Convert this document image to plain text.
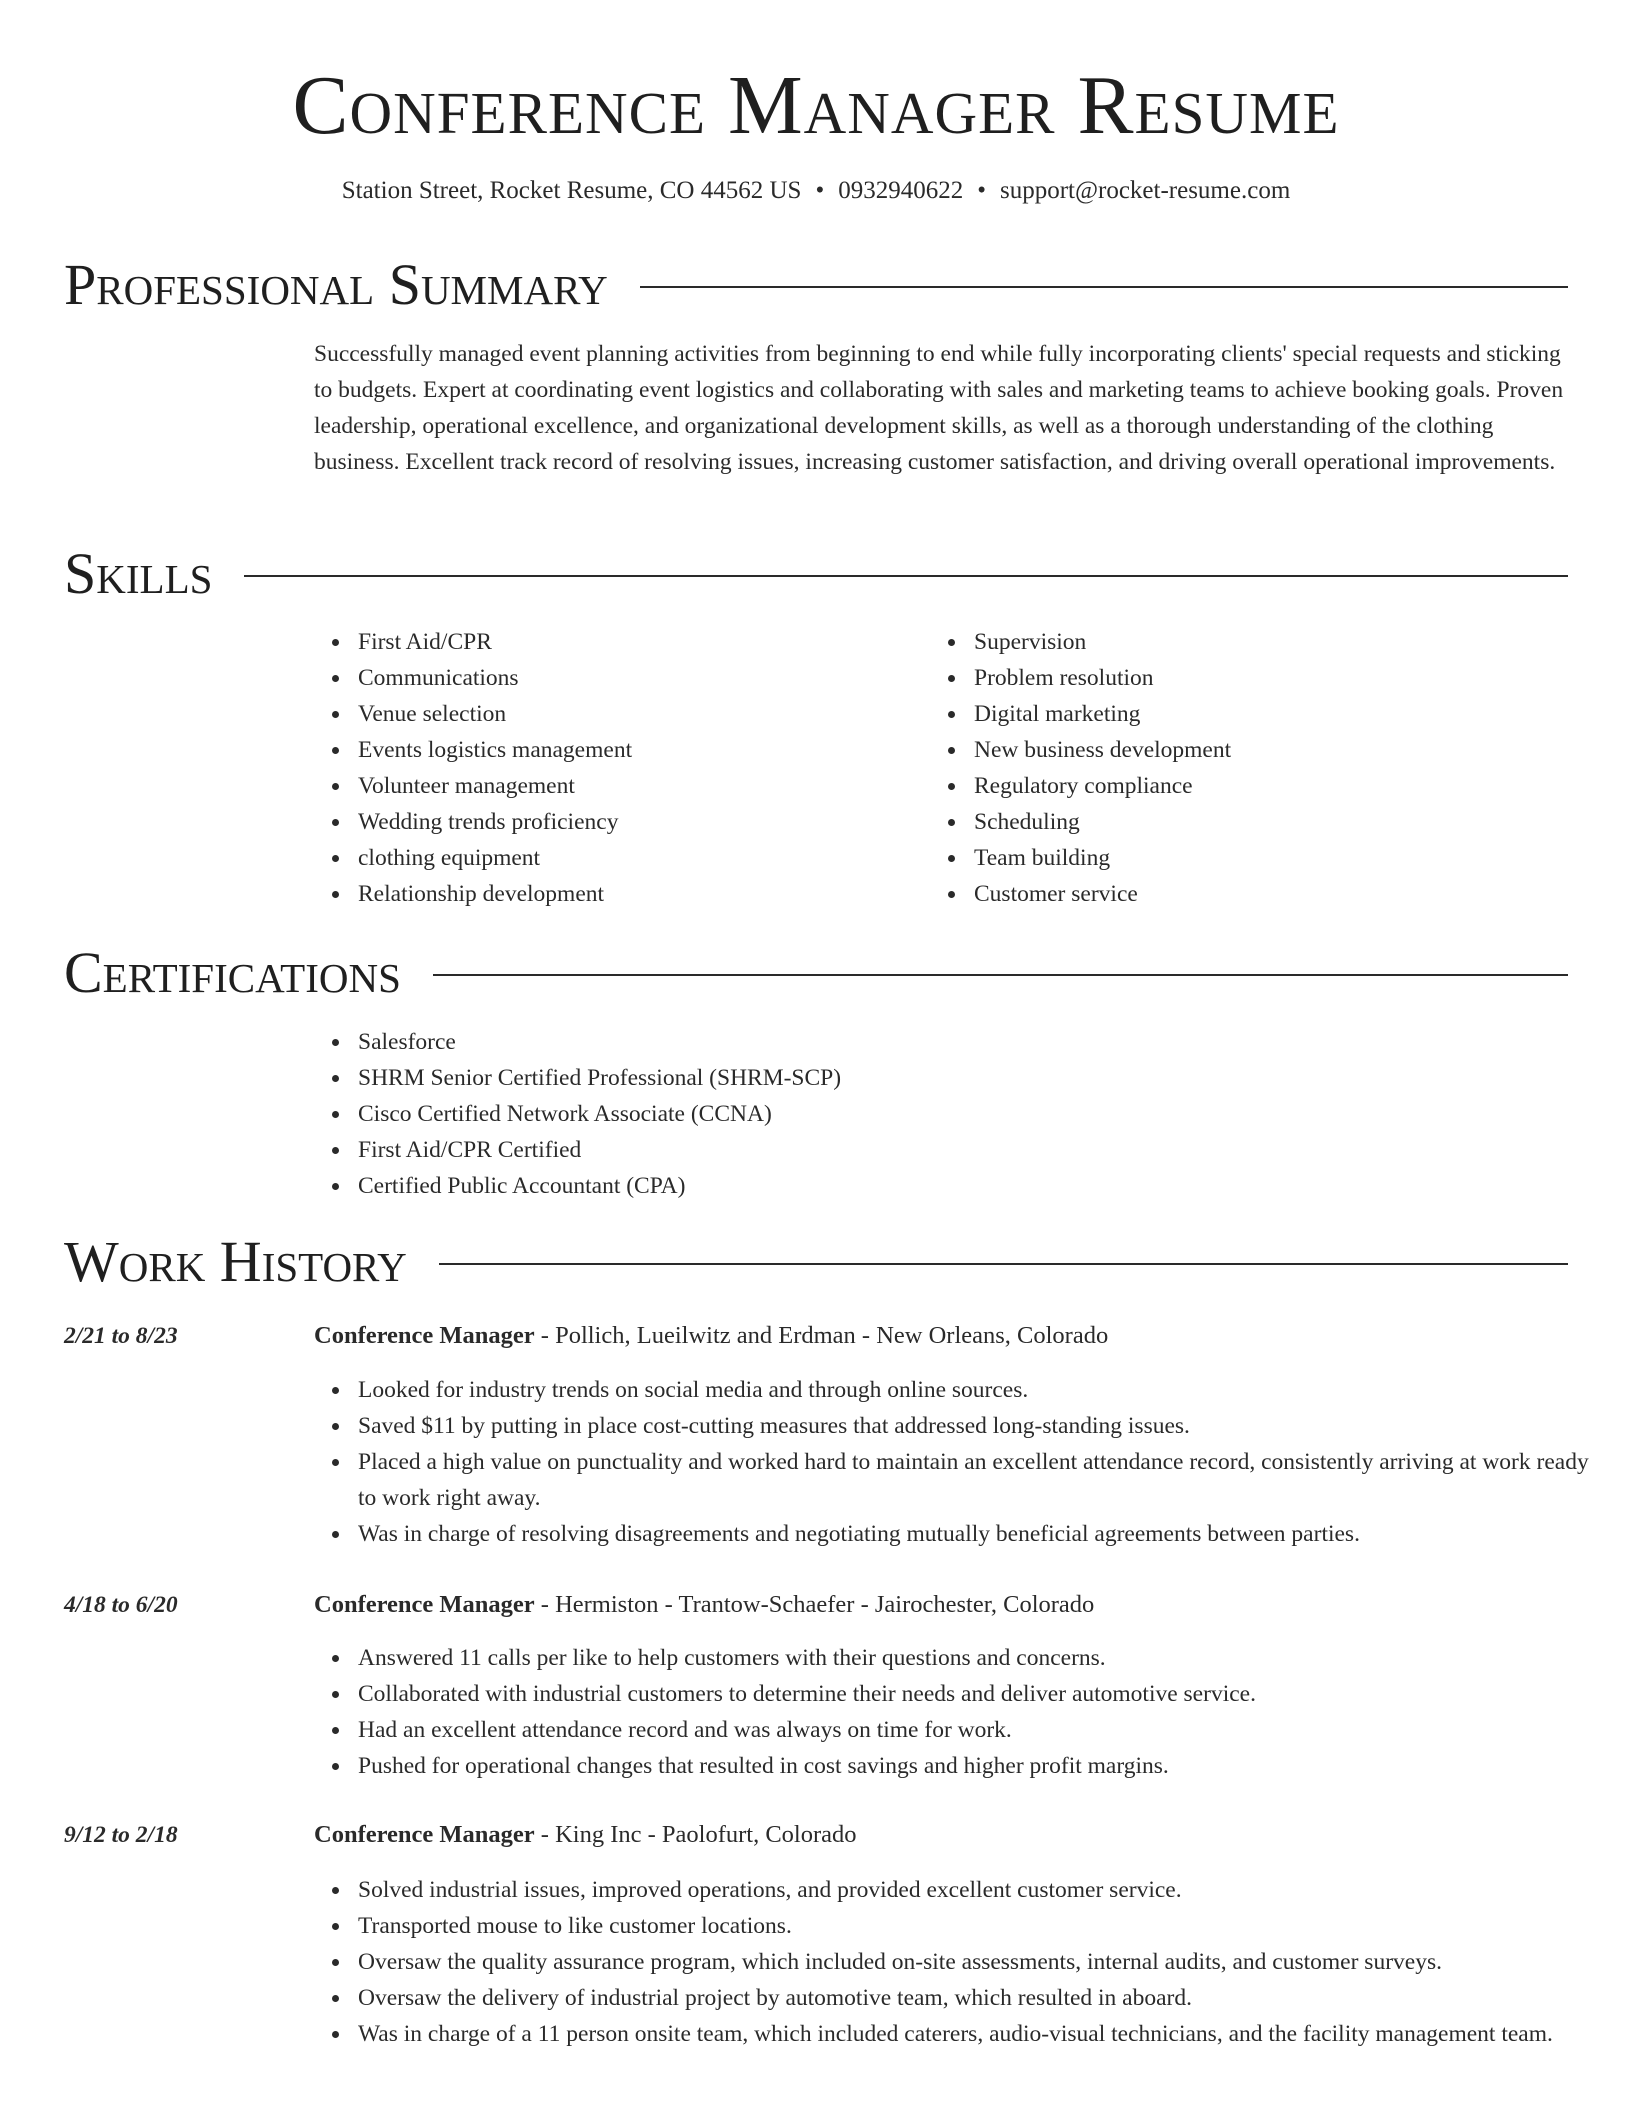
Conference Manager Resume
Station Street, Rocket Resume, CO 44562 US • 0932940622 • support@rocket-resume.com
Professional Summary

Successfully managed event planning activities from beginning to end while fully incorporating clients' special requests and sticking to budgets. Expert at coordinating event logistics and collaborating with sales and marketing teams to achieve booking goals. Proven leadership, operational excellence, and organizational development skills, as well as a thorough understanding of the clothing business. Excellent track record of resolving issues, increasing customer satisfaction, and driving overall operational improvements.

Skills
First Aid/CPR
Communications
Venue selection
Events logistics management
Volunteer management
Wedding trends proficiency
clothing equipment
Relationship development
Supervision
Problem resolution
Digital marketing
New business development
Regulatory compliance
Scheduling
Team building
Customer service
Certifications
Salesforce
SHRM Senior Certified Professional (SHRM-SCP)
Cisco Certified Network Associate (CCNA)
First Aid/CPR Certified
Certified Public Accountant (CPA)
Work History
2/21 to 8/23	Conference Manager - Pollich, Lueilwitz and Erdman - New Orleans, Colorado
Looked for industry trends on social media and through online sources.
Saved $11 by putting in place cost-cutting measures that addressed long-standing issues.
Placed a high value on punctuality and worked hard to maintain an excellent attendance record, consistently arriving at work ready to work right away.
Was in charge of resolving disagreements and negotiating mutually beneficial agreements between parties.
4/18 to 6/20	Conference Manager - Hermiston - Trantow-Schaefer - Jairochester, Colorado
Answered 11 calls per like to help customers with their questions and concerns.
Collaborated with industrial customers to determine their needs and deliver automotive service.
Had an excellent attendance record and was always on time for work.
Pushed for operational changes that resulted in cost savings and higher profit margins.
9/12 to 2/18	Conference Manager - King Inc - Paolofurt, Colorado
Solved industrial issues, improved operations, and provided excellent customer service.
Transported mouse to like customer locations.
Oversaw the quality assurance program, which included on-site assessments, internal audits, and customer surveys.
Oversaw the delivery of industrial project by automotive team, which resulted in aboard.
Was in charge of a 11 person onsite team, which included caterers, audio-visual technicians, and the facility management team.
